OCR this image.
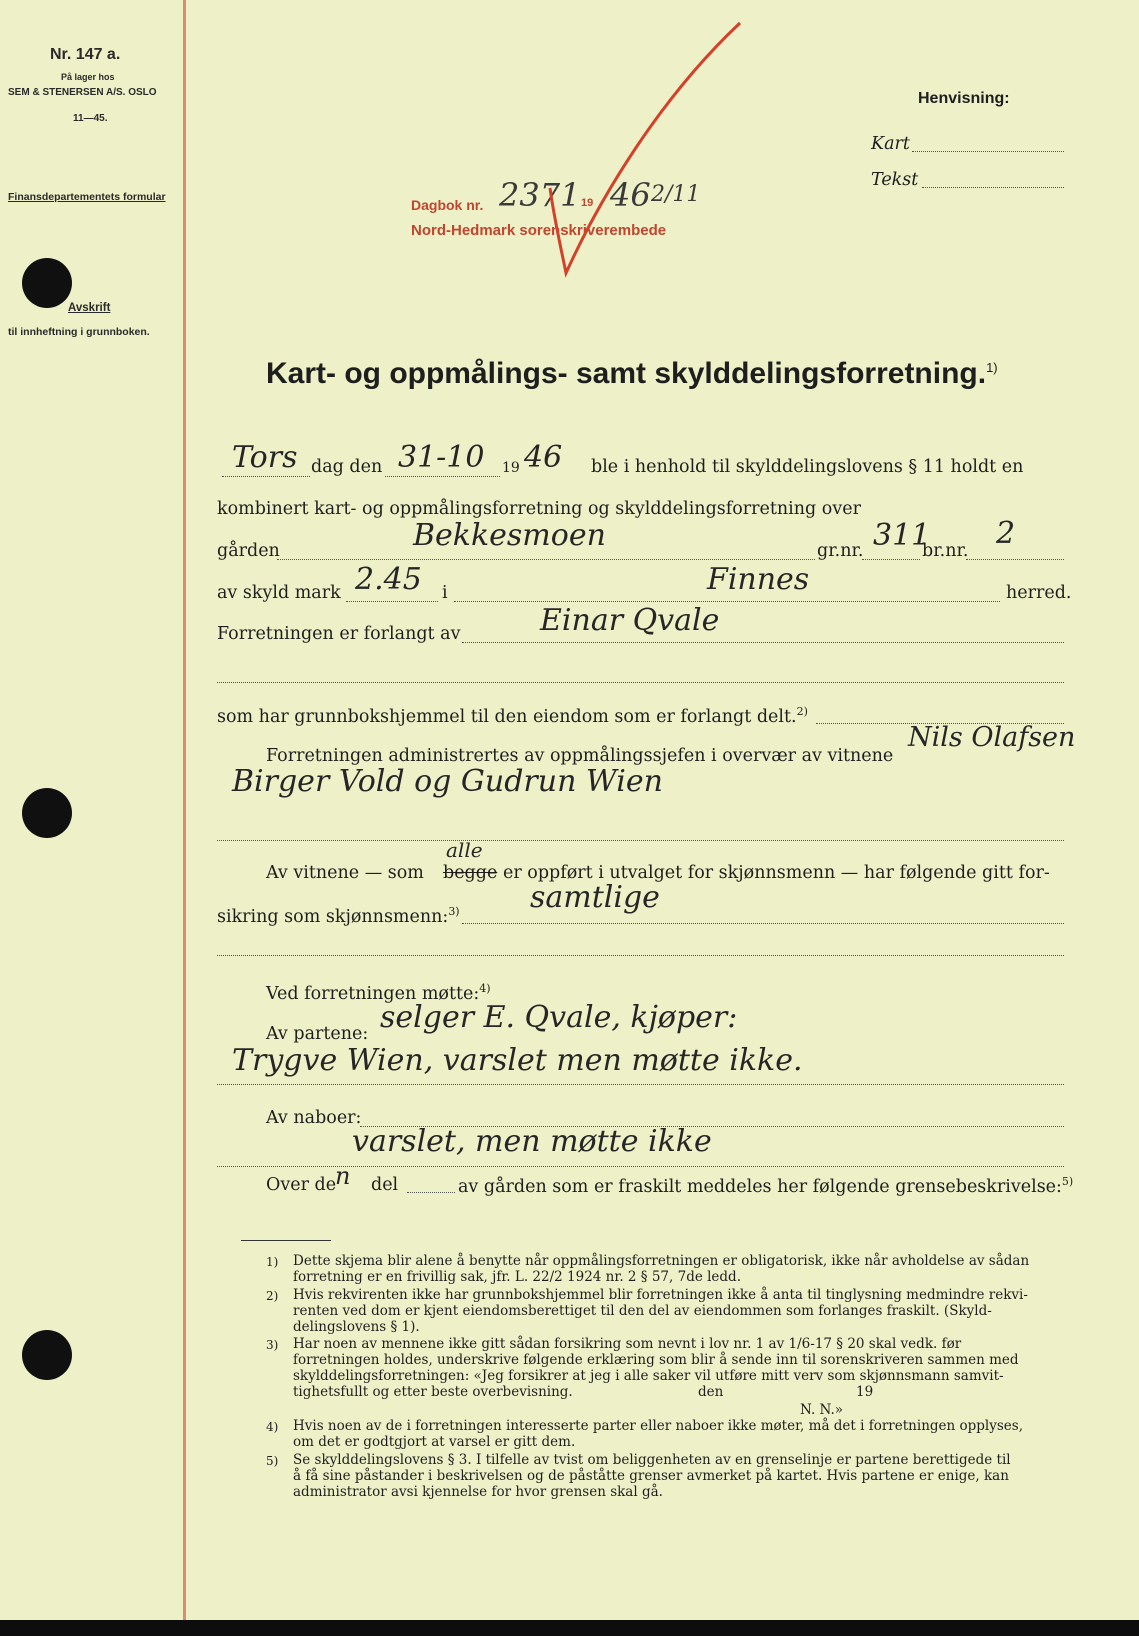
Nr. 147 a.
På lager hos
SEM & STENERSEN A/S. OSLO
11—45.
Finansdepartementets formular
Avskrift
til innheftning i grunnboken.
Henvisning:
Kart
Tekst
Dagbok nr. 2371 19 46 2/11
Nord-Hedmark sorenskriverembede
Kart- og oppmålings- samt skylddelingsforretning.$^{1)}$
Tors dag den 31-10 19 46 ble i henhold til skylddelingslovens § 11 holdt en
kombinert kart- og oppmålingsforretning og skylddelingsforretning over
gården	Bekkesmoen	gr.nr. 311
br.nr. 2
av skyld mark 2.45 i	Finnes	herred.
Forretningen er forlangt av	Einar Qvale
som har grunnbokshjemmel til den eiendom som er forlangt delt.$^{2)}$
Forretningen administrertes av oppmålingssjefen i overvær av vitnene
Nils Olafsen
Birger Vold og Gudrun Wien
Av vitnene — som begge
alle
er oppført i utvalget for skjønnsmenn — har følgende gitt for-
sikring som skjønnsmenn:$^{3)}$ samtlige
Ved forretningen møtte:$^{4)}$
Av partene: selger E. Qvale, kjøper:
Trygve Wien, varslet men møtte ikke.
Av naboer:
varslet, men møtte ikke
Over de
n del	av gården som er fraskilt meddeles her følgende grensebeskrivelse:$^{5)}$
1) Dette skjema blir alene å benytte når oppmålingsforretningen er obligatorisk, ikke når avholdelse av sådan
forretning er en frivillig sak, jfr. L. 22/2 1924 nr. 2 § 57, 7de ledd.
2) Hvis rekvirenten ikke har grunnbokshjemmel blir forretningen ikke å anta til tinglysning medmindre rekvi-
renten ved dom er kjent eiendomsberettiget til den del av eiendommen som forlanges fraskilt. (Skyld-
delingslovens § 1).
3) Har noen av mennene ikke gitt sådan forsikring som nevnt i lov nr. 1 av 1/6-17 § 20 skal vedk. før
forretningen holdes, underskrive følgende erklæring som blir å sende inn til sorenskriveren sammen med
skylddelingsforretningen: «Jeg forsikrer at jeg i alle saker vil utføre mitt verv som skjønnsmann samvit-
tighetsfullt og etter beste overbevisning.	den	19
N. N.»
4) Hvis noen av de i forretningen interesserte parter eller naboer ikke møter, må det i forretningen opplyses,
om det er godtgjort at varsel er gitt dem.
5) Se skylddelingslovens § 3. I tilfelle av tvist om beliggenheten av en grenselinje er partene berettigede til
å få sine påstander i beskrivelsen og de påståtte grenser avmerket på kartet. Hvis partene er enige, kan
administrator avsi kjennelse for hvor grensen skal gå.
